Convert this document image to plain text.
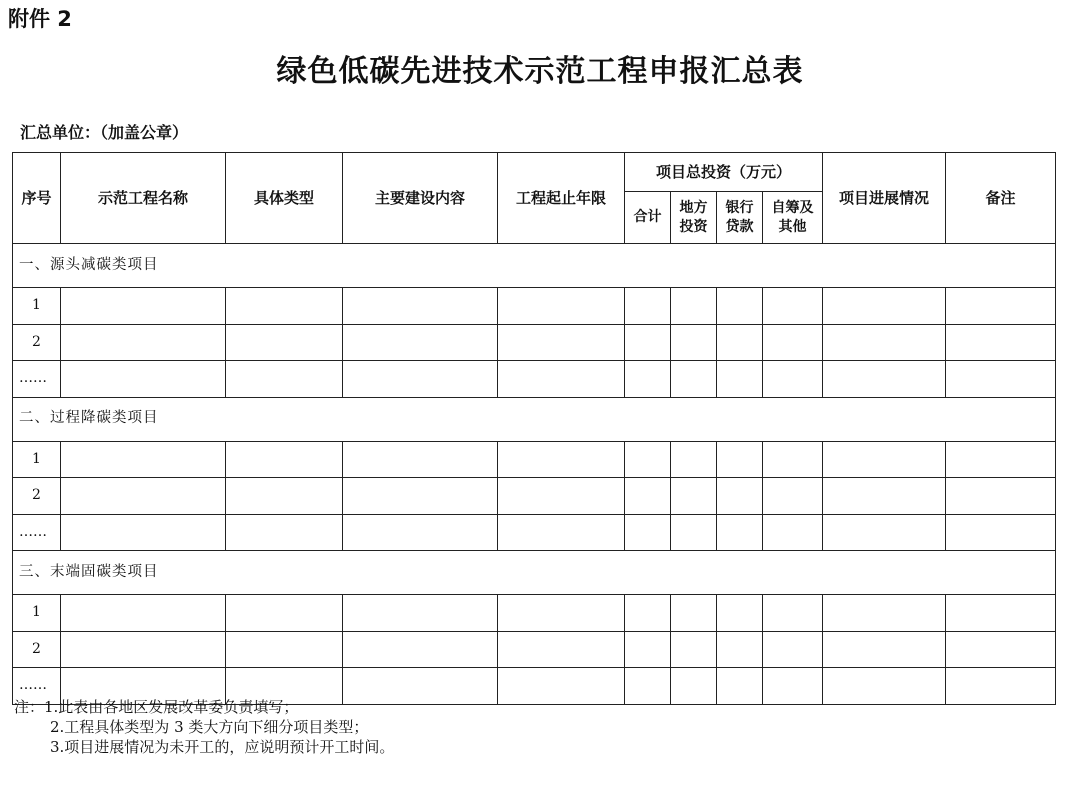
附件 2
绿色低碳先进技术示范工程申报汇总表
汇总单位：（加盖公章）
序号	示范工程名称	具体类型	主要建设内容	工程起止年限	项目总投资（万元）				项目进展情况	备注
					合计	地方投资	银行贷款	自筹及其他		
一、源头减碳类项目										
1										
2										
……										
二、过程降碳类项目										
1										
2										
……										
三、末端固碳类项目										
1										
2										
……										
注：1.此表由各地区发展改革委负责填写；
2.工程具体类型为 3 类大方向下细分项目类型；
3.项目进展情况为未开工的，应说明预计开工时间。
